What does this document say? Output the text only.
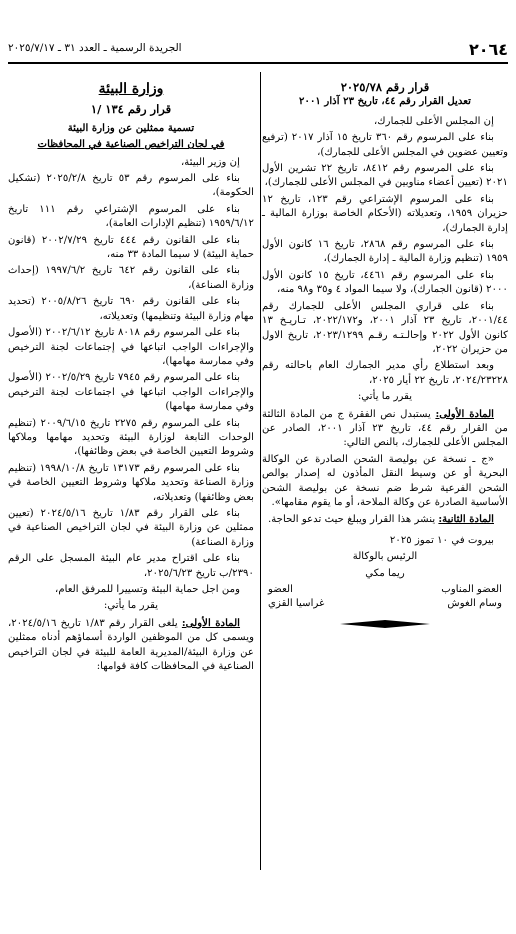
٢٠٦٤
الجريدة الرسمية ـ العدد ٣١ ـ ٢٠٢٥/٧/١٧

قرار رقم ٢٠٢٥/٧٨

تعديل القرار رقم ٤٤، تاريخ ٢٣ آذار ٢٠٠١

إن المجلس الأعلى للجمارك،

بناء على المرسوم رقم ٣٦٠ تاريخ ١٥ آذار ٢٠١٧ (ترفيع وتعيين عضوين في المجلس الأعلى للجمارك)،

بناء على المرسوم رقم ٨٤١٢، تاريخ ٢٢ تشرين الأول ٢٠٢١ (تعيين أعضاء مناوبين في المجلس الأعلى للجمارك)،

بناء على المرسوم الإشتراعي رقم ١٢٣، تاريخ ١٢ حزيران ١٩٥٩، وتعديلاته (الأحكام الخاصة بوزارة المالية ـ إدارة الجمارك)،

بناء على المرسوم رقم ٢٨٦٨، تاريخ ١٦ كانون الأول ١٩٥٩ (تنظيم وزارة المالية ـ إدارة الجمارك)،

بناء على المرسوم رقم ٤٤٦١، تاريخ ١٥ كانون الأول ٢٠٠٠ (قانون الجمارك)، ولا سيما المواد ٤ و٣٥ و٩٨ منه،

بناء على قراري المجلس الأعلى للجمارك رقم ٢٠٠١/٤٤، تاريخ ٢٣ آذار ٢٠٠١، و٢٠٢٢/١٧٢، تـاريـخ ١٣ كانون الأول ٢٠٢٢ وإحالـتـه رقـم ٢٠٢٣/١٢٩٩، تاريخ الاول من حزيران ٢٠٢٢،

وبعد استطلاع رأي مدير الجمارك العام باحالته رقم ٢٠٢٤/٢٣٢٢٨، تاريخ ٢٢ أيار ٢٠٢٥،

يقرر ما يأتي:

المادة الأولى: يستبدل نص الفقرة ج من المادة الثالثة من القرار رقم ٤٤، تاريخ ٢٣ آذار ٢٠٠١، الصادر عن المجلس الأعلى للجمارك، بالنص التالي:

«ج ـ نسخة عن بوليصة الشحن الصادرة عن الوكالة البحرية أو عن وسيط النقل المأذون له إصدار بوالص الشحن الفرعية شرط ضم نسخة عن بوليصة الشحن الأساسية الصادرة عن وكالة الملاحة، أو ما يقوم مقامها».

المادة الثانية: ينشر هذا القرار ويبلغ حيث تدعو الحاجة.

بيروت في ١٠ تموز ٢٠٢٥

الرئيس بالوكالة

ريما مكي

العضو المناوب
العضو
وسام الغوش
غراسيا القزي

وزارة البيئة

قرار رقم ١٣٤ /١

تسمية ممثلين عن وزارة البيئة

في لجان التراخيص الصناعية في المحافظات

إن وزير البيئة،

بناء على المرسوم رقم ٥٣ تاريخ ٢٠٢٥/٢/٨ (تشكيل الحكومة)،

بناء على المرسوم الإشتراعي رقم ١١١ تاريخ ١٩٥٩/٦/١٢ (تنظيم الإدارات العامة)،

بناء على القانون رقم ٤٤٤ تاريخ ٢٠٠٢/٧/٢٩ (قانون حماية البيئة) لا سيما المادة ٣٣ منه،

بناء على القانون رقم ٦٤٢ تاريخ ١٩٩٧/٦/٢ (إحداث وزارة الصناعة)،

بناء على القانون رقم ٦٩٠ تاريخ ٢٠٠٥/٨/٢٦ (تحديد مهام وزارة البيئة وتنظيمها) وتعديلاته،

بناء على المرسوم رقم ٨٠١٨ تاريخ ٢٠٠٢/٦/١٢ (الأصول والإجراءات الواجب اتباعها في إجتماعات لجنة الترخيص وفي ممارسة مهامها)،

بناء على المرسوم رقم ٧٩٤٥ تاريخ ٢٠٠٢/٥/٢٩ (الأصول والإجراءات الواجب اتباعها في اجتماعات لجنة الترخيص وفي ممارسة مهامها)

بناء على المرسوم رقم ٢٢٧٥ تاريخ ٢٠٠٩/٦/١٥ (تنظيم الوحدات التابعة لوزارة البيئة وتحديد مهامها وملاكها وشروط التعيين الخاصة في بعض وظائفها)،

بناء على المرسوم رقم ١٣١٧٣ تاريخ ١٩٩٨/١٠/٨ (تنظيم وزارة الصناعة وتحديد ملاكها وشروط التعيين الخاصة في بعض وظائفها) وتعديلاته،

بناء على القرار رقم ١/٨٣ تاريخ ٢٠٢٤/٥/١٦ (تعيين ممثلين عن وزارة البيئة في لجان التراخيص الصناعية في وزارة الصناعة)

بناء على اقتراح مدير عام البيئة المسجل على الرقم ٢٣٩٠/ب تاريخ ٢٠٢٥/٦/٢٣،

ومن اجل حماية البيئة وتسييرا للمرفق العام،

يقرر ما يأتي:

المادة الأولى: يلغى القرار رقم ١/٨٣ تاريخ ٢٠٢٤/٥/١٦، ويسمى كل من الموظفين الواردة أسماؤهم أدناه ممثلين عن وزارة البيئة/المديرية العامة للبيئة في لجان التراخيص الصناعية في المحافظات كافة قوامها:
